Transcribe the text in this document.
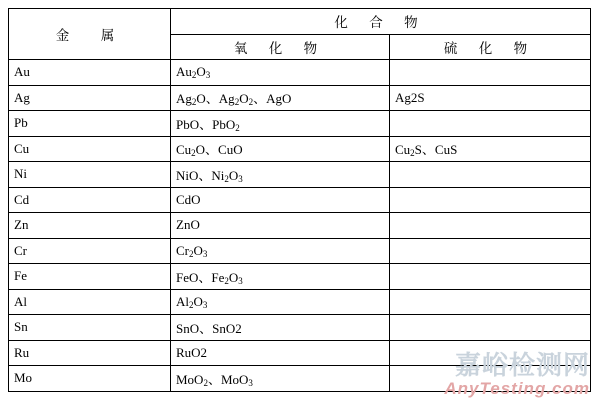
金　属	化 合 物	
	氧 化 物	硫 化 物
Au	$Au_2O_3$	
Ag	$Ag_2O$、$Ag_2O_2$、AgO	Ag2S
Pb	PbO、PbO$_2$	
Cu	$Cu_2O$、CuO	$Cu_2S$、CuS
Ni	NiO、$Ni_2O_3$	
Cd	CdO	
Zn	ZnO	
Cr	$Cr_2O_3$	
Fe	FeO、$Fe_2O_3$	
Al	$Al_2O_3$	
Sn	SnO、SnO2	
Ru	RuO2	
Mo	MoO$_2$、MoO$_3$	
嘉峪检测网
AnyTesting.com
